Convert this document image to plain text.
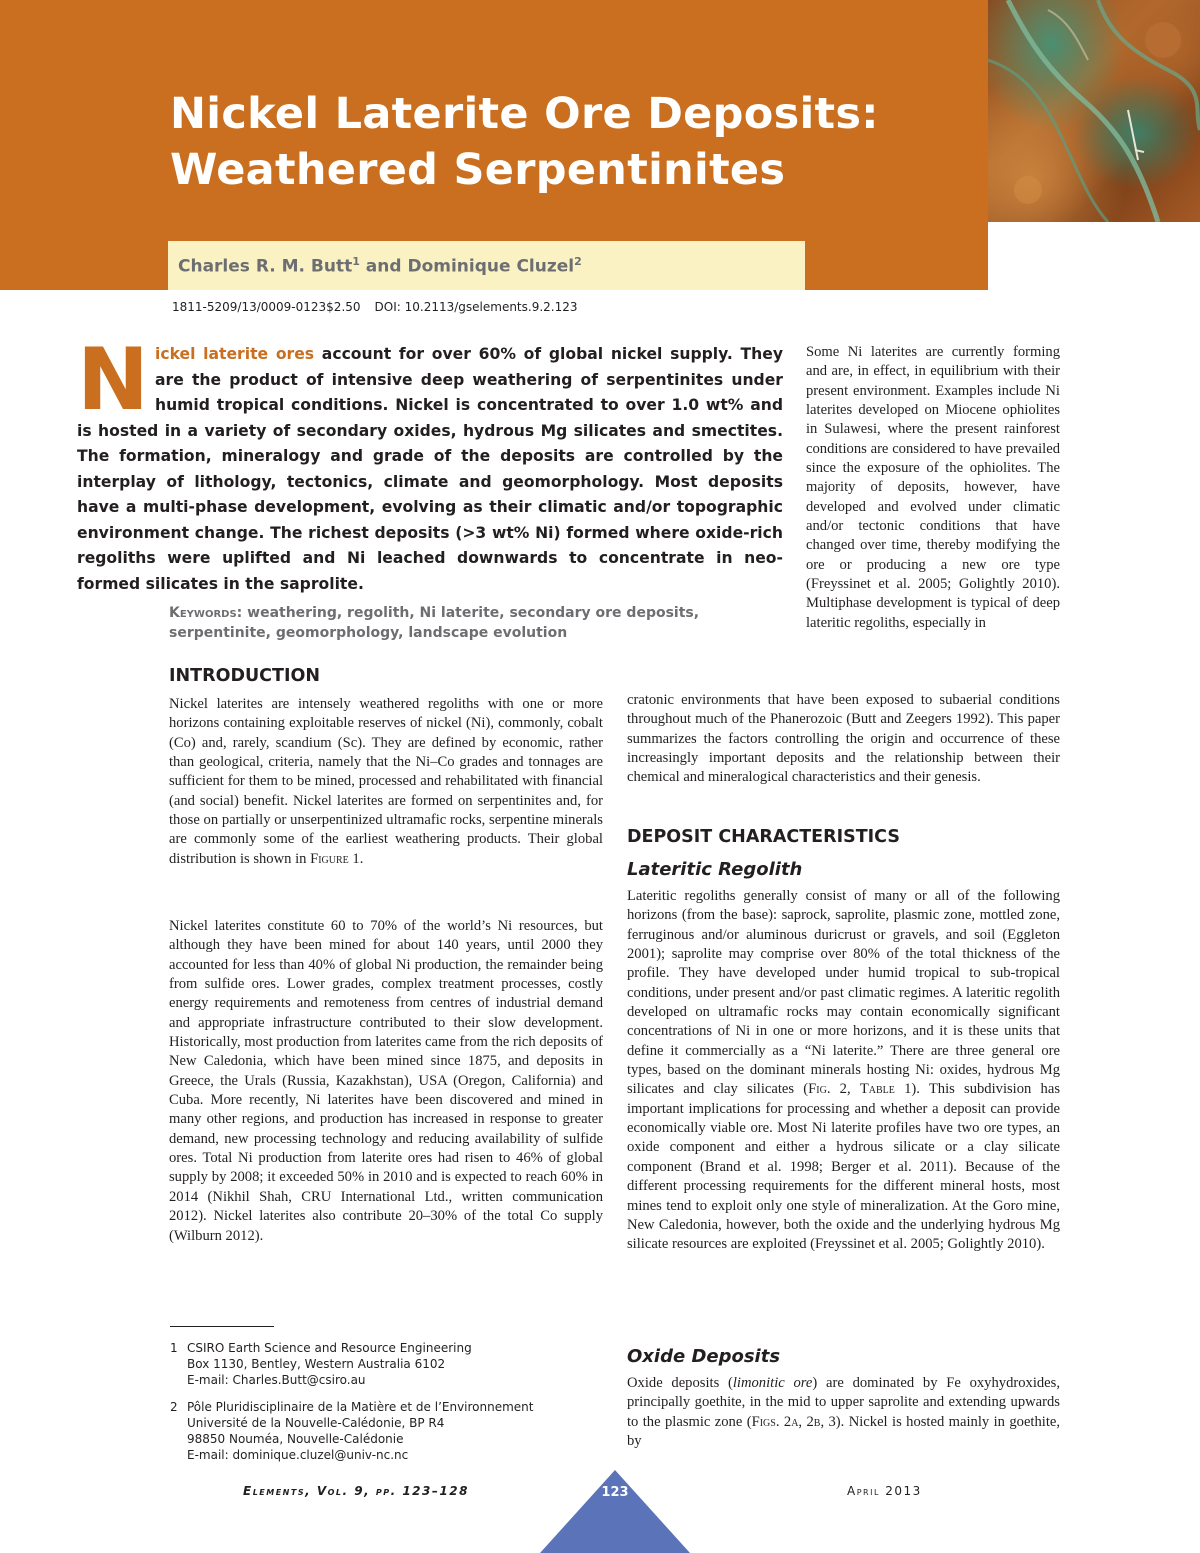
Nickel Laterite Ore Deposits:
Weathered Serpentinites
Charles R. M. Butt$^1$ and Dominique Cluzel$^2$
1811-5209/13/0009-0123$2.50 DOI: 10.2113/gselements.9.2.123

Nickel laterite ores account for over 60% of global nickel supply. They are the product of intensive deep weathering of serpentinites under humid tropical conditions. Nickel is concentrated to over 1.0 wt% and is hosted in a variety of secondary oxides, hydrous Mg silicates and smectites. The formation, mineralogy and grade of the deposits are controlled by the interplay of lithology, tectonics, climate and geomorphology. Most deposits have a multi-phase development, evolving as their climatic and/or topographic environment change. The richest deposits (>3 wt% Ni) formed where oxide-rich regoliths were uplifted and Ni leached downwards to concentrate in neo-formed silicates in the saprolite.

Keywords: weathering, regolith, Ni laterite, secondary ore deposits, serpentinite, geomorphology, landscape evolution
INTRODUCTION

Nickel laterites are intensely weathered regoliths with one or more horizons containing exploitable reserves of nickel (Ni), commonly, cobalt (Co) and, rarely, scandium (Sc). They are defined by economic, rather than geological, criteria, namely that the Ni–Co grades and tonnages are sufficient for them to be mined, processed and rehabilitated with financial (and social) benefit. Nickel laterites are formed on serpentinites and, for those on partially or unserpentinized ultramafic rocks, serpentine minerals are commonly some of the earliest weathering products. Their global distribution is shown in Figure 1.

Nickel laterites constitute 60 to 70% of the world’s Ni resources, but although they have been mined for about 140 years, until 2000 they accounted for less than 40% of global Ni production, the remainder being from sulfide ores. Lower grades, complex treatment processes, costly energy requirements and remoteness from centres of industrial demand and appropriate infrastructure contributed to their slow development. Historically, most production from laterites came from the rich deposits of New Caledonia, which have been mined since 1875, and deposits in Greece, the Urals (Russia, Kazakhstan), USA (Oregon, California) and Cuba. More recently, Ni laterites have been discovered and mined in many other regions, and production has increased in response to greater demand, new processing technology and reducing availability of sulfide ores. Total Ni production from laterite ores had risen to 46% of global supply by 2008; it exceeded 50% in 2010 and is expected to reach 60% in 2014 (Nikhil Shah, CRU International Ltd., written communication 2012). Nickel laterites also contribute 20–30% of the total Co supply (Wilburn 2012).

Some Ni laterites are currently forming and are, in effect, in equilibrium with their present environment. Examples include Ni laterites developed on Miocene ophiolites in Sulawesi, where the present rainforest conditions are considered to have prevailed since the exposure of the ophiolites. The majority of deposits, however, have developed and evolved under climatic and/or tectonic conditions that have changed over time, thereby modifying the ore or producing a new ore type (Freyssinet et al. 2005; Golightly 2010). Multiphase development is typical of deep lateritic regoliths, especially in

cratonic environments that have been exposed to subaerial conditions throughout much of the Phanerozoic (Butt and Zeegers 1992). This paper summarizes the factors controlling the origin and occurrence of these increasingly important deposits and the relationship between their chemical and mineralogical characteristics and their genesis.

DEPOSIT CHARACTERISTICS
Lateritic Regolith

Lateritic regoliths generally consist of many or all of the following horizons (from the base): saprock, saprolite, plasmic zone, mottled zone, ferruginous and/or aluminous duricrust or gravels, and soil (Eggleton 2001); saprolite may comprise over 80% of the total thickness of the profile. They have developed under humid tropical to sub-tropical conditions, under present and/or past climatic regimes. A lateritic regolith developed on ultramafic rocks may contain economically significant concentrations of Ni in one or more horizons, and it is these units that define it commercially as a “Ni laterite.” There are three general ore types, based on the dominant minerals hosting Ni: oxides, hydrous Mg silicates and clay silicates (Fig. 2, Table 1). This subdivision has important implications for processing and whether a deposit can provide economically viable ore. Most Ni laterite profiles have two ore types, an oxide component and either a hydrous silicate or a clay silicate component (Brand et al. 1998; Berger et al. 2011). Because of the different processing requirements for the different mineral hosts, most mines tend to exploit only one style of mineralization. At the Goro mine, New Caledonia, however, both the oxide and the underlying hydrous Mg silicate resources are exploited (Freyssinet et al. 2005; Golightly 2010).

Oxide Deposits

Oxide deposits (limonitic ore) are dominated by Fe oxyhydroxides, principally goethite, in the mid to upper saprolite and extending upwards to the plasmic zone (Figs. 2a, 2b, 3). Nickel is hosted mainly in goethite, by

1 CSIRO Earth Science and Resource Engineering
Box 1130, Bentley, Western Australia 6102
E-mail: Charles.Butt@csiro.au
2 Pôle Pluridisciplinaire de la Matière et de l’Environnement
Université de la Nouvelle-Calédonie, BP R4
98850 Nouméa, Nouvelle-Calédonie
E-mail: dominique.cluzel@univ-nc.nc
Elements, Vol. 9, pp. 123–128	123	April 2013
